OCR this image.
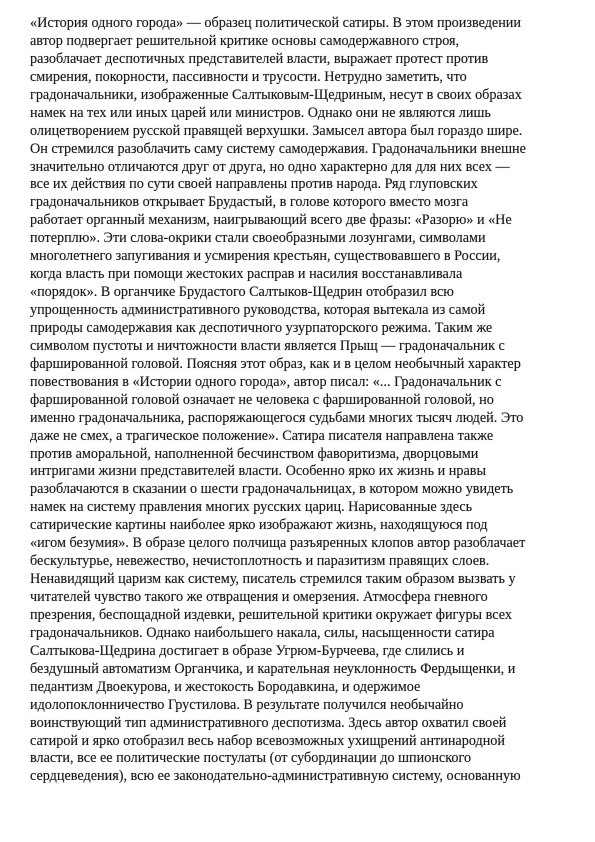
«История одного города» — образец политической сатиры. В этом произведении
автор подвергает решительной критике основы самодержавного строя,
разоблачает деспотичных представителей власти, выражает протест против
смирения, покорности, пассивности и трусости. Нетрудно заметить, что
градоначальники, изображенные Салтыковым-Щедриным, несут в своих образах
намек на тех или иных царей или министров. Однако они не являются лишь
олицетворением русской правящей верхушки. Замысел автора был гораздо шире.
Он стремился разоблачить саму систему самодержавия. Градоначальники внешне
значительно отличаются друг от друга, но одно характерно для для них всех —
все их действия по сути своей направлены против народа. Ряд глуповских
градоначальников открывает Брудастый, в голове которого вместо мозга
работает органный механизм, наигрывающий всего две фразы: «Разорю» и «Не
потерплю». Эти слова-окрики стали своеобразными лозунгами, символами
многолетнего запугивания и усмирения крестьян, существовавшего в России,
когда власть при помощи жестоких расправ и насилия восстанавливала
«порядок». В органчике Брудастого Салтыков-Щедрин отобразил всю
упрощенность административного руководства, которая вытекала из самой
природы самодержавия как деспотичного узурпаторского режима. Таким же
символом пустоты и ничтожности власти является Прыщ — градоначальник с
фаршированной головой. Поясняя этот образ, как и в целом необычный характер
повествования в «Истории одного города», автор писал: «... Градоначальник с
фаршированной головой означает не человека с фаршированной головой, но
именно градоначальника, распоряжающегося судьбами многих тысяч людей. Это
даже не смех, а трагическое положение». Сатира писателя направлена также
против аморальной, наполненной бесчинством фаворитизма, дворцовыми
интригами жизни представителей власти. Особенно ярко их жизнь и нравы
разоблачаются в сказании о шести градоначальницах, в котором можно увидеть
намек на систему правления многих русских цариц. Нарисованные здесь
сатирические картины наиболее ярко изображают жизнь, находящуюся под
«игом безумия». В образе целого полчища разъяренных клопов автор разоблачает
бескультурье, невежество, нечистоплотность и паразитизм правящих слоев.
Ненавидящий царизм как систему, писатель стремился таким образом вызвать у
читателей чувство такого же отвращения и омерзения. Атмосфера гневного
презрения, беспощадной издевки, решительной критики окружает фигуры всех
градоначальников. Однако наибольшего накала, силы, насыщенности сатира
Салтыкова-Щедрина достигает в образе Угрюм-Бурчеева, где слились и
бездушный автоматизм Органчика, и карательная неуклонность Фердыщенки, и
педантизм Двоекурова, и жестокость Бородавкина, и одержимое
идолопоклонничество Грустилова. В результате получился необычайно
воинствующий тип административного деспотизма. Здесь автор охватил своей
сатирой и ярко отобразил весь набор всевозможных ухищрений антинародной
власти, все ее политические постулаты (от субординации до шпионского
сердцеведения), всю ее законодательно-административную систему, основанную
